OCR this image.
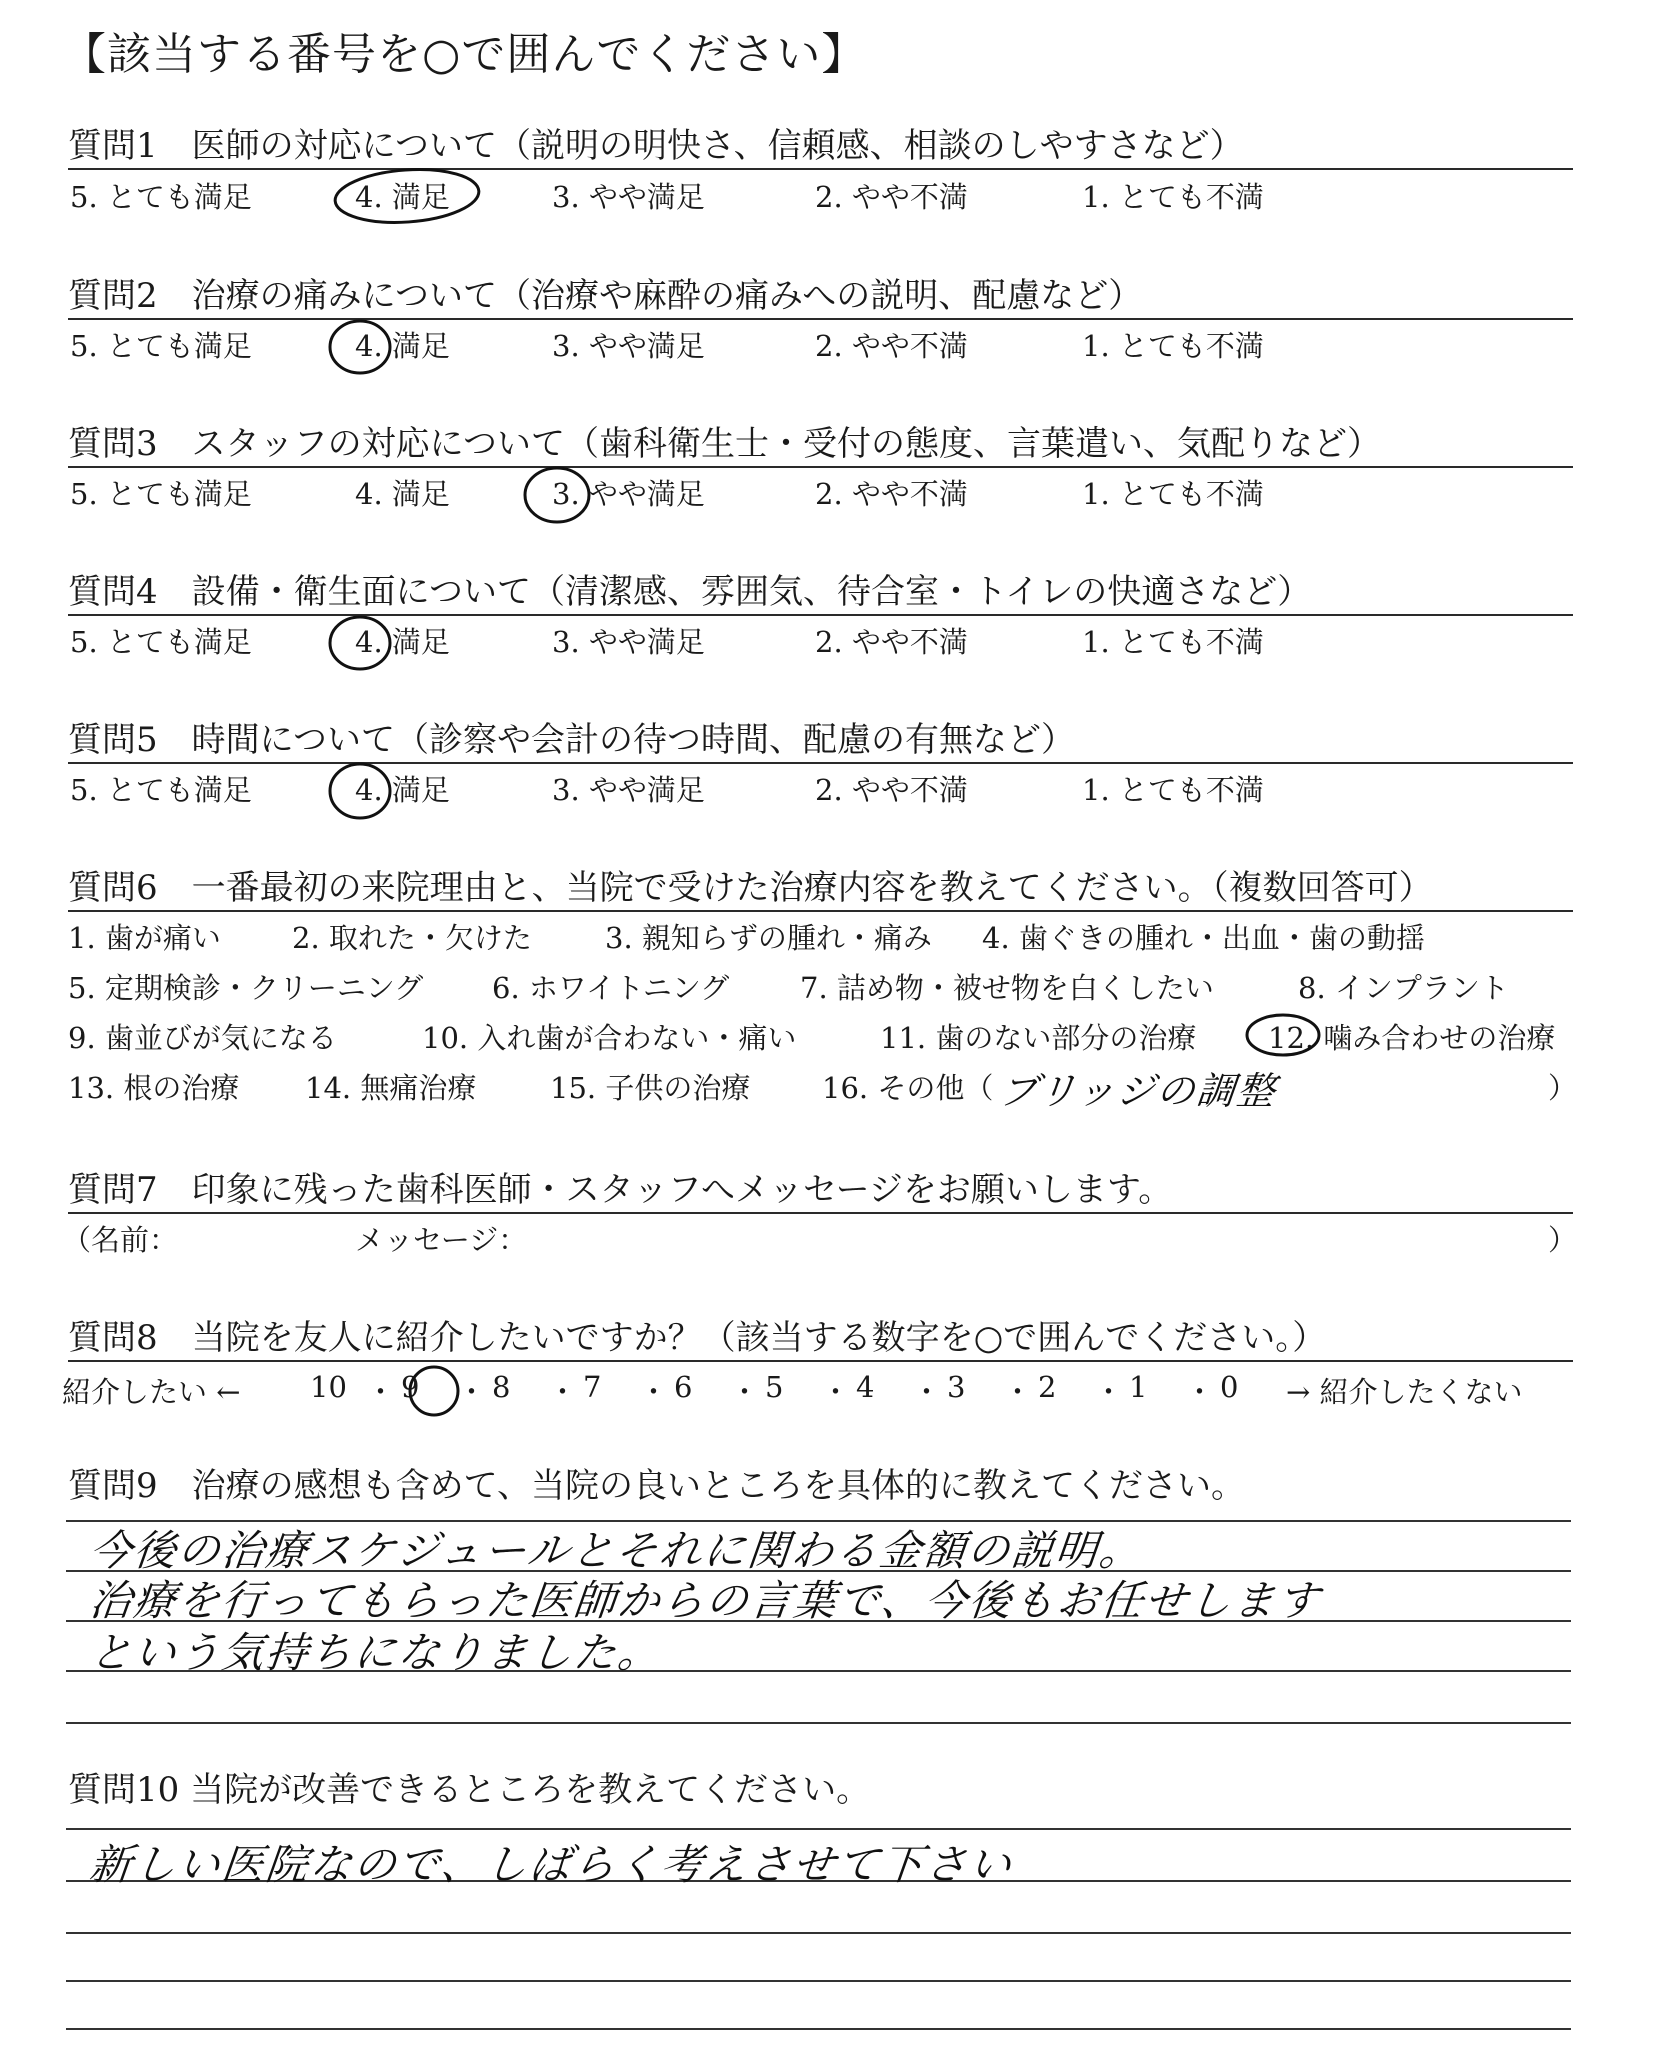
【該当する番号を○で囲んでください】
質問1　医師の対応について（説明の明快さ、信頼感、相談のしやすさなど）
5. とても満足	4. 満足	3. やや満足	2. やや不満	1. とても不満
質問2　治療の痛みについて（治療や麻酔の痛みへの説明、配慮など）
5. とても満足	4. 満足	3. やや満足	2. やや不満	1. とても不満
質問3　スタッフの対応について（歯科衛生士・受付の態度、言葉遣い、気配りなど）
5. とても満足	4. 満足	3. やや満足	2. やや不満	1. とても不満
質問4　設備・衛生面について（清潔感、雰囲気、待合室・トイレの快適さなど）
5. とても満足	4. 満足	3. やや満足	2. やや不満	1. とても不満
質問5　時間について（診察や会計の待つ時間、配慮の有無など）
5. とても満足	4. 満足	3. やや満足	2. やや不満	1. とても不満
質問6　一番最初の来院理由と、当院で受けた治療内容を教えてください。（複数回答可）
1. 歯が痛い 2. 取れた・欠けた	3. 親知らずの腫れ・痛み 4. 歯ぐきの腫れ・出血・歯の動揺
5. 定期検診・クリーニング 6. ホワイトニング 7. 詰め物・被せ物を白くしたい	8. インプラント
9. 歯並びが気になる	10. 入れ歯が合わない・痛い	11. 歯のない部分の治療 12. 噛み合わせの治療
13. 根の治療 14. 無痛治療	15. 子供の治療 16. その他（ ブリッジの調整	）
質問7　印象に残った歯科医師・スタッフへメッセージをお願いします。
（名前：	メッセージ：	）
質問8　当院を友人に紹介したいですか？（該当する数字を○で囲んでください。）
紹介したい ← 10 ・ 9 ・ 8 ・ 7 ・ 6 ・ 5 ・ 4 ・ 3 ・ 2 ・ 1 ・ 0 → 紹介したくない
質問9　治療の感想も含めて、当院の良いところを具体的に教えてください。
今後の治療スケジュールとそれに関わる金額の説明。
治療を行ってもらった医師からの言葉で、今後もお任せします
という気持ちになりました。
質問10 当院が改善できるところを教えてください。
新しい医院なので、しばらく考えさせて下さい
